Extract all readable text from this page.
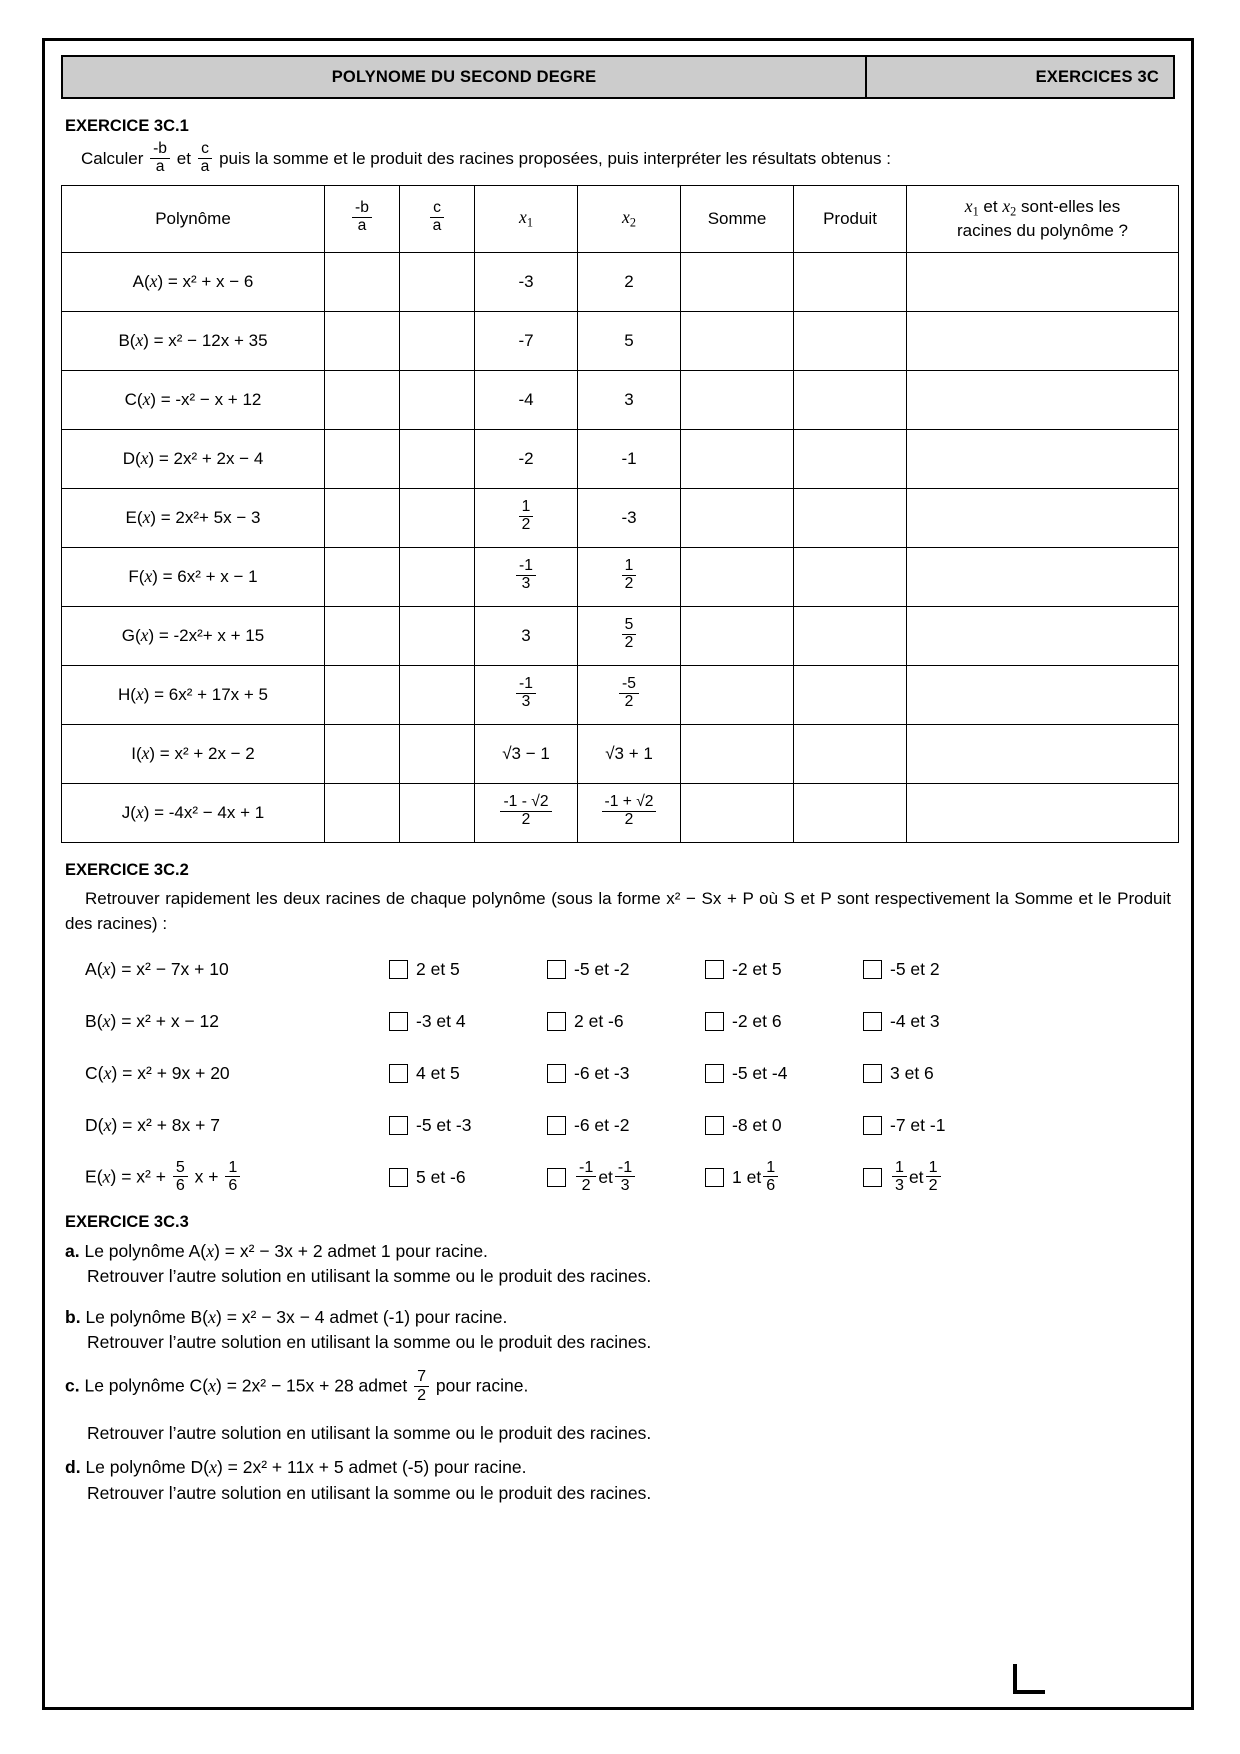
POLYNOME DU SECOND DEGRE	EXERCICES 3C
EXERCICE 3C.1
Calculer $\frac{-b}{a}$ et $\frac{c}{a}$ puis la somme et le produit des racines proposées, puis interpréter les résultats obtenus :
Polynôme	$\frac{-b}{a}$	$\frac{c}{a}$	$x_1$	$x_2$	Somme	Produit	$x_1$ et $x_2$ sont-elles les
racines du polynôme ?
A(x) = x² + x − 6			-3	2			
B(x) = x² − 12x + 35			-7	5			
C(x) = -x² − x + 12			-4	3			
D(x) = 2x² + 2x − 4			-2	-1			
E(x) = 2x²+ 5x − 3			$\frac{1}{2}$	-3			
F(x) = 6x² + x − 1			$\frac{-1}{3}$	$\frac{1}{2}$

G(x) = -2x²+ x + 15			3	$\frac{5}{2}$

H(x) = 6x² + 17x + 5			$\frac{-1}{3}$	$\frac{-5}{2}$

I(x) = x² + 2x − 2			√3 − 1	√3 + 1			
J(x) = -4x² − 4x + 1			$\frac{-1 - √2}{2}$	$\frac{-1 + √2}{2}$

EXERCICE 3C.2
Retrouver rapidement les deux racines de chaque polynôme (sous la forme x² − Sx + P où S et P sont respectivement la Somme et le Produit des racines) :
A(x) = x² − 7x + 10	2 et 5	-5 et -2	-2 et 5	-5 et 2
B(x) = x² + x − 12	-3 et 4	2 et -6	-2 et 6	-4 et 3
C(x) = x² + 9x + 20	4 et 5	-6 et -3	-5 et -4	3 et 6
D(x) = x² + 8x + 7	-5 et -3	-6 et -2	-8 et 0	-7 et -1
$E(x) = x^2 + \frac{5}{6}$ $x + \frac{1}{6}$	5 et -6	$\frac{-1}{2}$ et $\frac{-1}{3}$	1 et $\frac{1}{6}$	$\frac{1}{3}$ et $\frac{1}{2}$
EXERCICE 3C.3
a. Le polynôme A(x) = x² − 3x + 2 admet 1 pour racine.
Retrouver l’autre solution en utilisant la somme ou le produit des racines.
b. Le polynôme B(x) = x² − 3x − 4 admet (-1) pour racine.
Retrouver l’autre solution en utilisant la somme ou le produit des racines.
c. Le polynôme C(x) = 2x² − 15x + 28 admet $\frac{7}{2}$ pour racine.
Retrouver l’autre solution en utilisant la somme ou le produit des racines.
d. Le polynôme D(x) = 2x² + 11x + 5 admet (-5) pour racine.
Retrouver l’autre solution en utilisant la somme ou le produit des racines.
